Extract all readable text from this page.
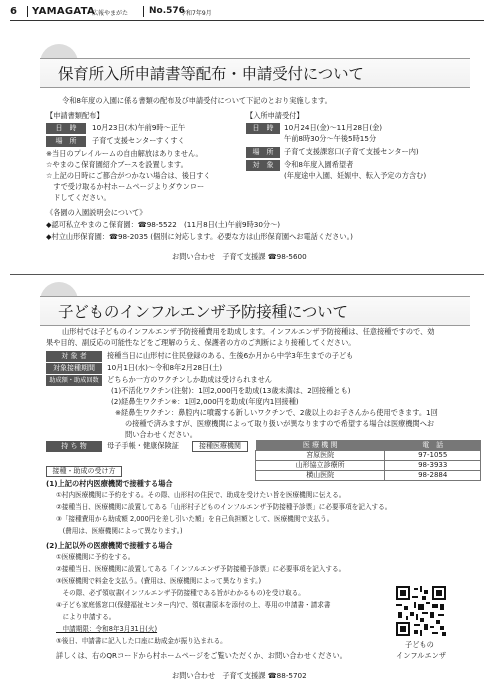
6 YAMAGATA
広報やまがた No.576
令和7年9月
保育所入所申請書等配布・申請受付について
令和8年度の入園に係る書類の配布及び申請受付について下記のとおり実施します。
【申請書類配布】
日　時	10月23日(木)午前9時～正午
場　所	子育て支援センターすくすく
※当日のプレイルームの自由解放はありません。
☆やまのこ保育園紹介ブースを設置します。
☆上記の日時にご都合がつかない場合は、後日すく
　すで受け取るか村ホームページよりダウンロー
　ドしてください。
【入所申請受付】
日　時	10月24日(金)～11月28日(金)
午前8時30分～午後5時15分
場　所	子育て支援課窓口(子育て支援センター内)
対　象	令和8年度入園希望者
(年度途中入園、妊娠中、転入予定の方含む)
《各園の入園説明会について》
◆認可私立やまのこ保育園：☎98-5522　(11月8日(土)午前9時30分～)
◆村立山形保育園：☎98-2035 (個別に対応します。必要な方は山形保育園へお電話ください。)
お問い合わせ　子育て支援課 ☎98-5600
子どものインフルエンザ予防接種について
山形村では子どものインフルエンザ予防接種費用を助成します。インフルエンザ予防接種は、任意接種ですので、効
果や目的、副反応の可能性などをご理解のうえ、保護者の方のご判断により接種してください。
対 象 者	接種当日に山形村に住民登録のある、生後6か月から中学3年生までの子ども
対象接種期間	10月1日(水)～令和8年2月28日(土)
助成額・助成回数	どちらか一方のワクチンしか助成は受けられません
(1)不活化ワクチン(注射)：1回2,000円を助成(13歳未満は、2回接種とも)
(2)経鼻生ワクチン※：1回2,000円を助成(年度内1回接種)
※経鼻生ワクチン：鼻腔内に噴霧する新しいワクチンで、2歳以上のお子さんから使用できます。1回
の接種で済みますが、医療機関によって取り扱いが異なりますので希望する場合は医療機関へお
問い合わせください。
持 ち 物	母子手帳・健康保険証	接種医療機関	医 療 機 関	電　話
宮原医院	97-1055
山形協立診療所	98-3933
横山医院	98-2884
接種・助成の受け方
(1)上記の村内医療機関で接種する場合
①村内医療機関に予約をする。その際、山形村の住民で、助成を受けたい旨を医療機関に伝える。
②接種当日、医療機関に設置してある「山形村子どものインフルエンザ予防接種予診票」に必要事項を記入する。
③「接種費用から助成額 2,000円を差し引いた額」を自己負担額として、医療機関で支払う。
　(費用は、医療機関によって異なります。)
(2)上記以外の医療機関で接種する場合
①医療機関に予約をする。
②接種当日、医療機関に設置してある「インフルエンザ予防接種予診票」に必要事項を記入する。
③医療機関で料金を支払う。(費用は、医療機関によって異なります。)
　その際、必ず領収書(インフルエンザ予防接種である旨がわかるもの)を受け取る。
④子ども家庭係窓口(保健福祉センター内)で、領収書原本を添付の上、専用の申請書・請求書
　により申請する。
　申請期限：令和8年3月31日(火)
⑤後日、申請書に記入した口座に助成金が振り込まれる。
詳しくは、右のQRコードから村ホームページをご覧いただくか、お問い合わせください。
子どもの
インフルエンザ
お問い合わせ　子育て支援課 ☎88-5702
